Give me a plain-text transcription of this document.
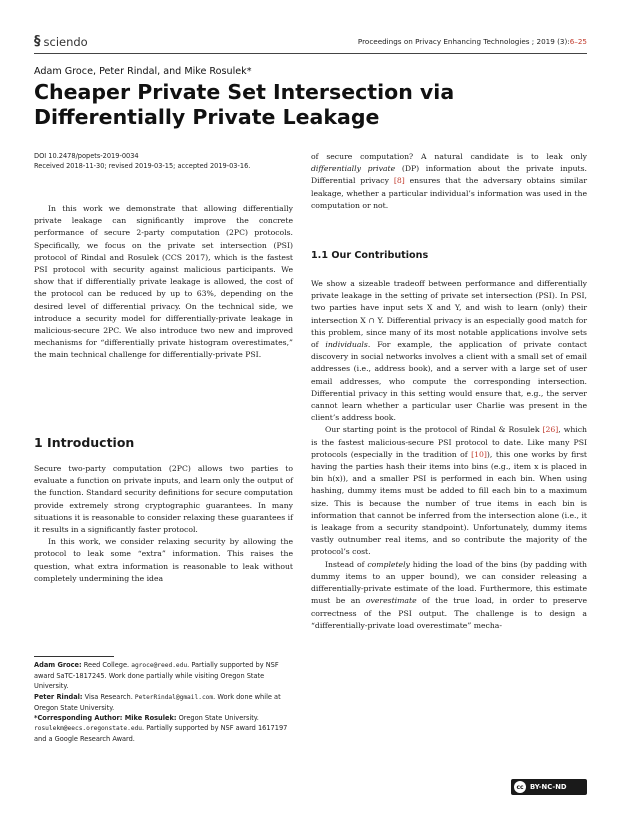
§ sciendo	Proceedings on Privacy Enhancing Technologies ; 2019 (3):6–25
Adam Groce, Peter Rindal, and Mike Rosulek*
Cheaper Private Set Intersection via
Differentially Private Leakage
DOI 10.2478/popets-2019-0034
Received 2018-11-30; revised 2019-03-15; accepted 2019-03-16.

In this work we demonstrate that allowing differentially private leakage can significantly improve the concrete performance of secure 2-party computation (2PC) protocols. Specifically, we focus on the private set intersection (PSI) protocol of Rindal and Rosulek (CCS 2017), which is the fastest PSI protocol with security against malicious participants. We show that if differentially private leakage is allowed, the cost of the protocol can be reduced by up to 63%, depending on the desired level of differential privacy. On the technical side, we introduce a security model for differentially-private leakage in malicious-secure 2PC. We also introduce two new and improved mechanisms for “differentially private histogram overestimates,” the main technical challenge for differentially-private PSI.

1 Introduction

Secure two-party computation (2PC) allows two parties to evaluate a function on private inputs, and learn only the output of the function. Standard security definitions for secure computation provide extremely strong cryptographic guarantees. In many situations it is reasonable to consider relaxing these guarantees if it results in a significantly faster protocol.

In this work, we consider relaxing security by allowing the protocol to leak some “extra” information. This raises the question, what extra information is reasonable to leak without completely undermining the idea

Adam Groce: Reed College. agroce@reed.edu. Partially supported by NSF award SaTC-1817245. Work done partially while visiting Oregon State University.
Peter Rindal: Visa Research. PeterRindal@gmail.com. Work done while at Oregon State University.
*Corresponding Author: Mike Rosulek: Oregon State University. rosulekm@eecs.oregonstate.edu. Partially supported by NSF award 1617197 and a Google Research Award.

of secure computation? A natural candidate is to leak only differentially private (DP) information about the private inputs. Differential privacy [8] ensures that the adversary obtains similar leakage, whether a particular individual’s information was used in the computation or not.

1.1 Our Contributions

We show a sizeable tradeoff between performance and differentially private leakage in the setting of private set intersection (PSI). In PSI, two parties have input sets X and Y, and wish to learn (only) their intersection X ∩ Y. Differential privacy is an especially good match for this problem, since many of its most notable applications involve sets of individuals. For example, the application of private contact discovery in social networks involves a client with a small set of email addresses (i.e., address book), and a server with a large set of user email addresses, who compute the corresponding intersection. Differential privacy in this setting would ensure that, e.g., the server cannot learn whether a particular user Charlie was present in the client’s address book.

Our starting point is the protocol of Rindal & Rosulek [26], which is the fastest malicious-secure PSI protocol to date. Like many PSI protocols (especially in the tradition of [10]), this one works by first having the parties hash their items into bins (e.g., item x is placed in bin h(x)), and a smaller PSI is performed in each bin. When using hashing, dummy items must be added to fill each bin to a maximum size. This is because the number of true items in each bin is information that cannot be inferred from the intersection alone (i.e., it is leakage from a security standpoint). Unfortunately, dummy items vastly outnumber real items, and so contribute the majority of the protocol’s cost.

Instead of completely hiding the load of the bins (by padding with dummy items to an upper bound), we can consider releasing a differentially-private estimate of the load. Furthermore, this estimate must be an overestimate of the true load, in order to preserve correctness of the PSI output. The challenge is to design a “differentially-private load overestimate” mecha-

cc BY-NC-ND
